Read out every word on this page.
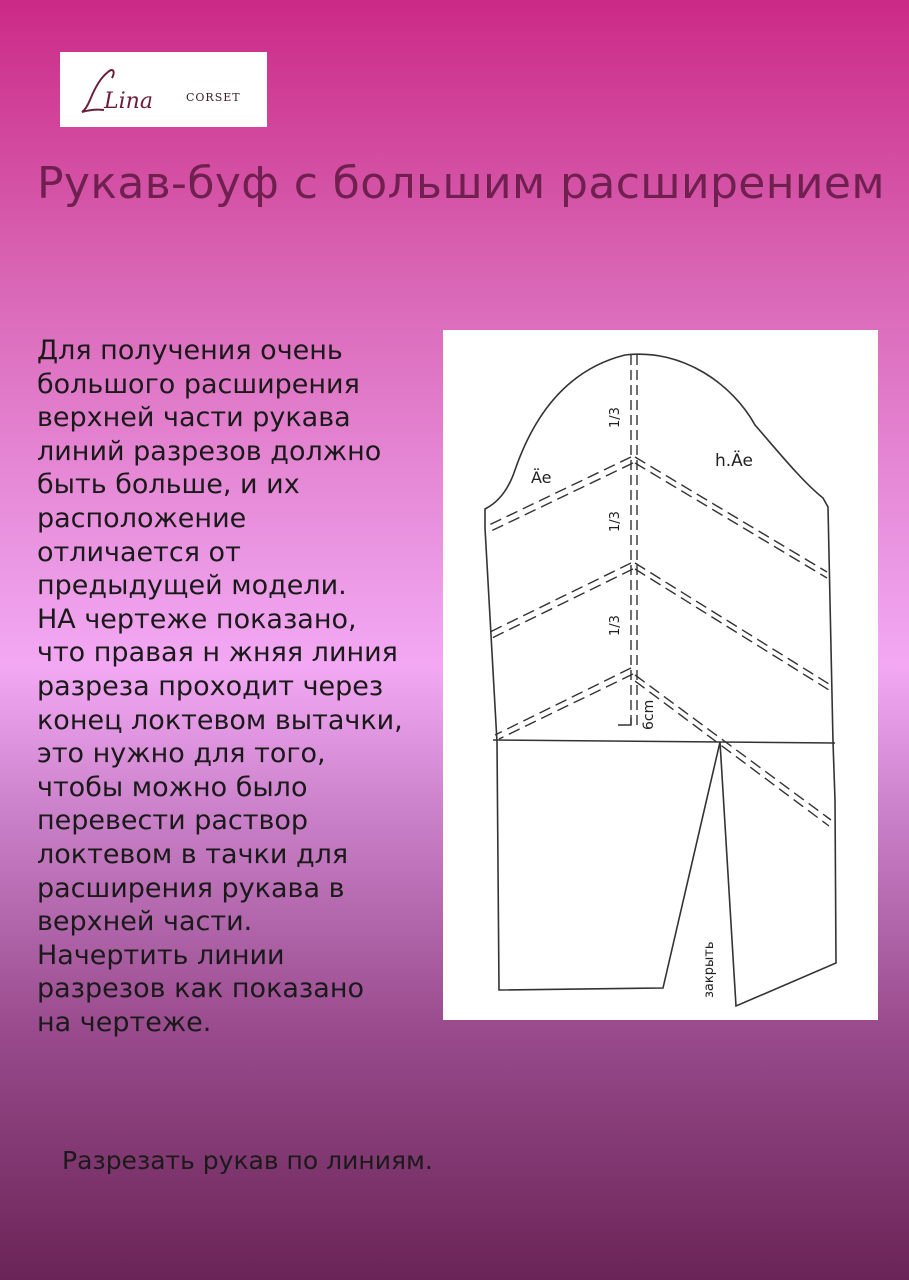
Lina	CORSET
Рукав-буф с большим расширением
Для получения очень
большого расширения
верхней части рукава
линий разрезов должно
быть больше, и их
расположение
отличается от
предыдущей модели.
НА чертеже показано,
что правая н жняя линия
разреза проходит через
конец локтевом вытачки,
это нужно для того,
чтобы можно было
перевести раствор
локтевом в тачки для
расширения рукава в
верхней части.
Начертить линии
разрезов как показано
на чертеже.
Äe
h.Äe
1/3
1/3
1/3
6cm
закрыть
Разрезать рукав по линиям.
